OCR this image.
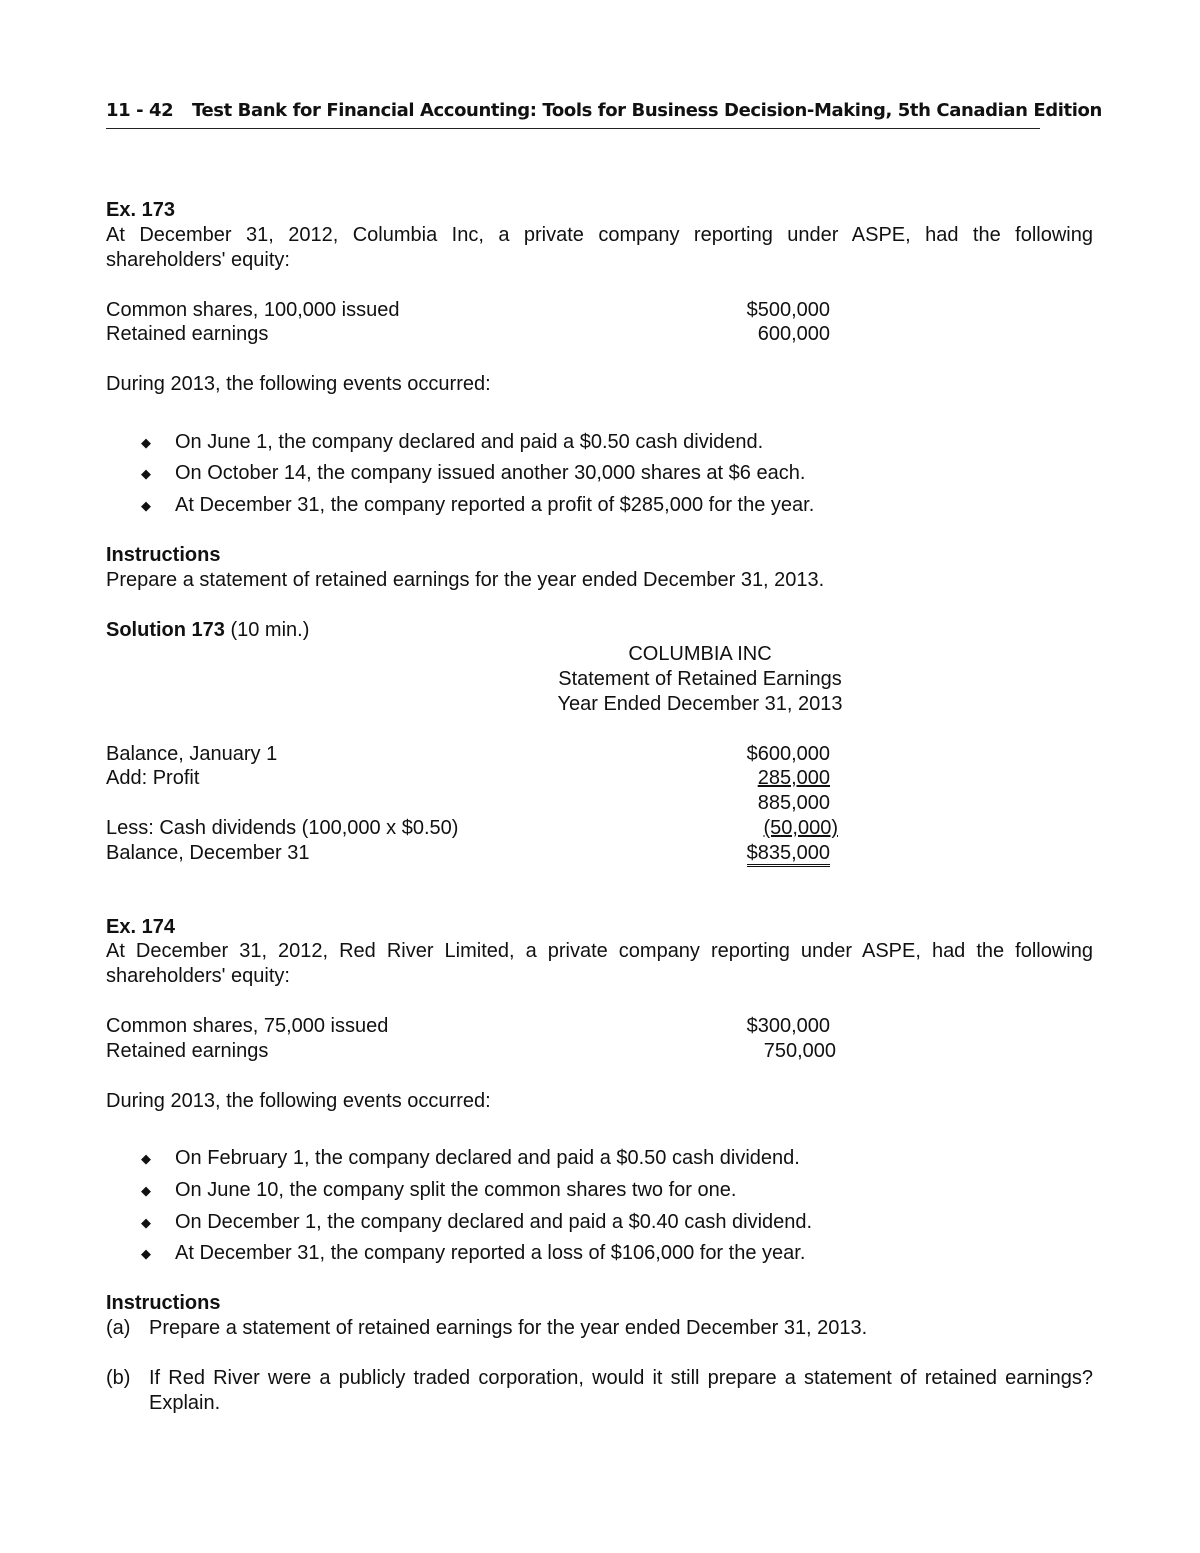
11 - 42 Test Bank for Financial Accounting: Tools for Business Decision-Making, 5th Canadian Edition
Ex. 173
At December 31, 2012, Columbia Inc, a private company reporting under ASPE, had the following
shareholders' equity:
Common shares, 100,000 issued	$500,000
Retained earnings	600,000
During 2013, the following events occurred:
◆ On June 1, the company declared and paid a $0.50 cash dividend.
◆ On October 14, the company issued another 30,000 shares at $6 each.
◆ At December 31, the company reported a profit of $285,000 for the year.
Instructions
Prepare a statement of retained earnings for the year ended December 31, 2013.
Solution 173 (10 min.)
COLUMBIA INC
Statement of Retained Earnings
Year Ended December 31, 2013
Balance, January 1	$600,000
Add: Profit	285,000
885,000
Less: Cash dividends (100,000 x $0.50)	(50,000)
Balance, December 31	$835,000
Ex. 174
At December 31, 2012, Red River Limited, a private company reporting under ASPE, had the following
shareholders' equity:
Common shares, 75,000 issued	$300,000
Retained earnings	750,000
During 2013, the following events occurred:
◆ On February 1, the company declared and paid a $0.50 cash dividend.
◆ On June 10, the company split the common shares two for one.
◆ On December 1, the company declared and paid a $0.40 cash dividend.
◆ At December 31, the company reported a loss of $106,000 for the year.
Instructions
(a) Prepare a statement of retained earnings for the year ended December 31, 2013.
(b) If Red River were a publicly traded corporation, would it still prepare a statement of retained earnings? Explain.
